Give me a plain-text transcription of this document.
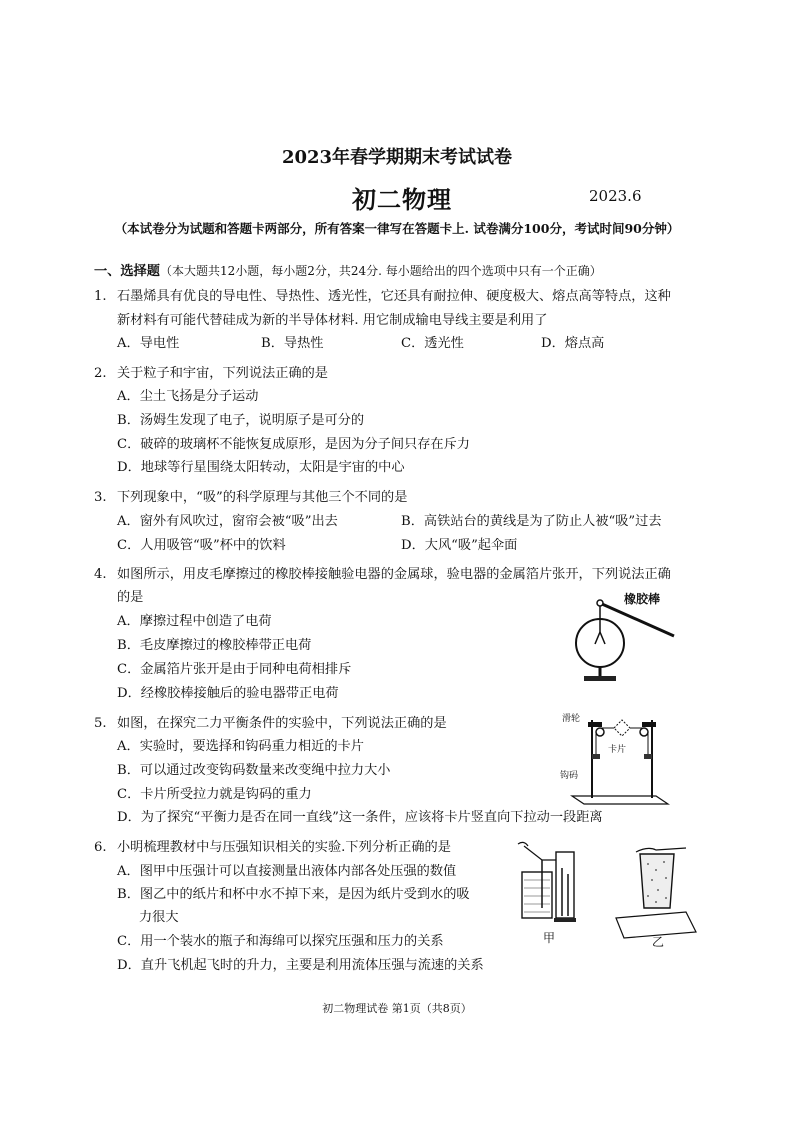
2023年春学期期末考试试卷
初二物理	2023.6
（本试卷分为试题和答题卡两部分，所有答案一律写在答题卡上. 试卷满分100分，考试时间90分钟）
一、选择题（本大题共12小题，每小题2分，共24分. 每小题给出的四个选项中只有一个正确）
1. 石墨烯具有优良的导电性、导热性、透光性，它还具有耐拉伸、硬度极大、熔点高等特点，这种
新材料有可能代替硅成为新的半导体材料. 用它制成输电导线主要是利用了
A．导电性	B．导热性	C．透光性	D．熔点高
2. 关于粒子和宇宙，下列说法正确的是
A．尘土飞扬是分子运动
B．汤姆生发现了电子，说明原子是可分的
C．破碎的玻璃杯不能恢复成原形，是因为分子间只存在斥力
D．地球等行星围绕太阳转动，太阳是宇宙的中心
3. 下列现象中，“吸”的科学原理与其他三个不同的是
A．窗外有风吹过，窗帘会被“吸”出去	B．高铁站台的黄线是为了防止人被“吸”过去
C．人用吸管“吸”杯中的饮料	D．大风“吸”起伞面
4. 如图所示，用皮毛摩擦过的橡胶棒接触验电器的金属球，验电器的金属箔片张开，下列说法正确
的是
A．摩擦过程中创造了电荷
B．毛皮摩擦过的橡胶棒带正电荷
C．金属箔片张开是由于同种电荷相排斥
D．经橡胶棒接触后的验电器带正电荷
橡胶棒
5. 如图，在探究二力平衡条件的实验中，下列说法正确的是
A．实验时，要选择和钩码重力相近的卡片
B．可以通过改变钩码数量来改变绳中拉力大小
C．卡片所受拉力就是钩码的重力
D．为了探究“平衡力是否在同一直线”这一条件，应该将卡片竖直向下拉动一段距离
滑轮
卡片
钩码
6. 小明梳理教材中与压强知识相关的实验.下列分析正确的是
A．图甲中压强计可以直接测量出液体内部各处压强的数值
B．图乙中的纸片和杯中水不掉下来，是因为纸片受到水的吸
力很大
C．用一个装水的瓶子和海绵可以探究压强和压力的关系
D．直升飞机起飞时的升力，主要是利用流体压强与流速的关系
甲	乙
初二物理试卷 第1页（共8页）
